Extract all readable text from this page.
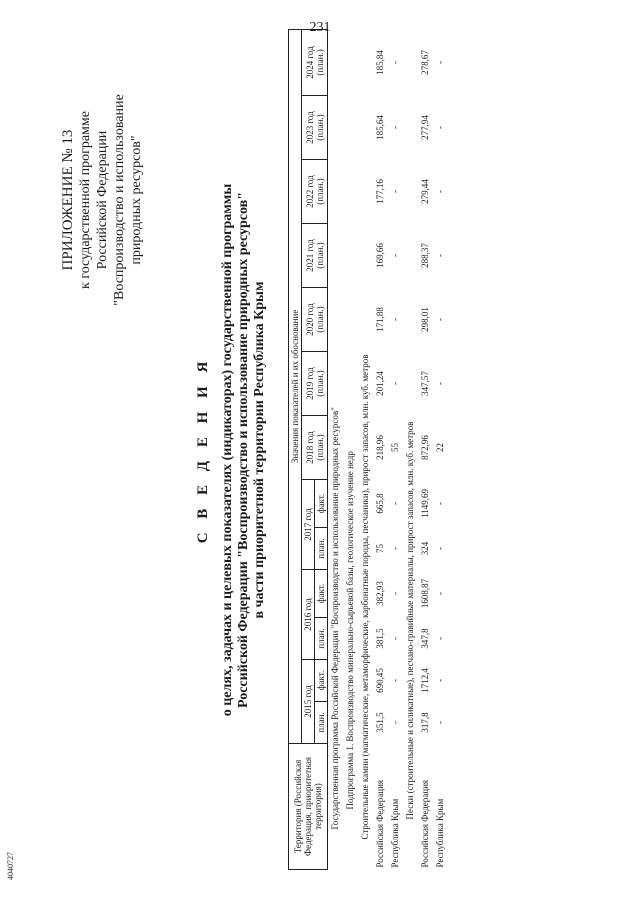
231
4040727
ПРИЛОЖЕНИЕ № 13 к государственной программе Российской Федерации "Воспроизводство и использование природных ресурсов"
С В Е Д Е Н И Я о целях, задачах и целевых показателях (индикаторах) государственной программы Российской Федерации "Воспроизводство и использование природных ресурсов" в части приоритетной территории Республика Крым
Территория (Российская Федерация, приоритетная территория)	Значения показателей и их обоснование												
	2015 год		2016 год		2017 год		2018 год (план.)	2019 год (план.)	2020 год (план.)	2021 год (план.)	2022 год (план.)	2023 год (план.)	2024 год (план.)
	план.	факт.	план.	факт.	план.	факт.							
Государственная программа Российской Федерации "Воспроизводство и использование природных ресурсов"													
Подпрограмма 1. Воспроизводство минерально-сырьевой базы, геологическое изучение недр													
Строительные камни (магматические, метаморфические, карбонатные породы, песчаники), прирост запасов, млн. куб. метров													
Российская Федерация	351,5	690,45	381,5	382,93	75	665,8	218,96	201,24	171,88	169,66	177,16	185,64	185,84
Республика Крым	-	-	-	-	-	-	55	-	-	-	-	-	-
Пески (строительные и силикатные), песчано-гравийные материалы, прирост запасов, млн. куб. метров													
Российская Федерация	317,8	1712,4	347,8	1608,87	324	1149,69	872,96	347,57	298,01	288,37	279,44	277,94	278,67
Республика Крым	-	-	-	-	-	-	22	-	-	-	-	-	-
